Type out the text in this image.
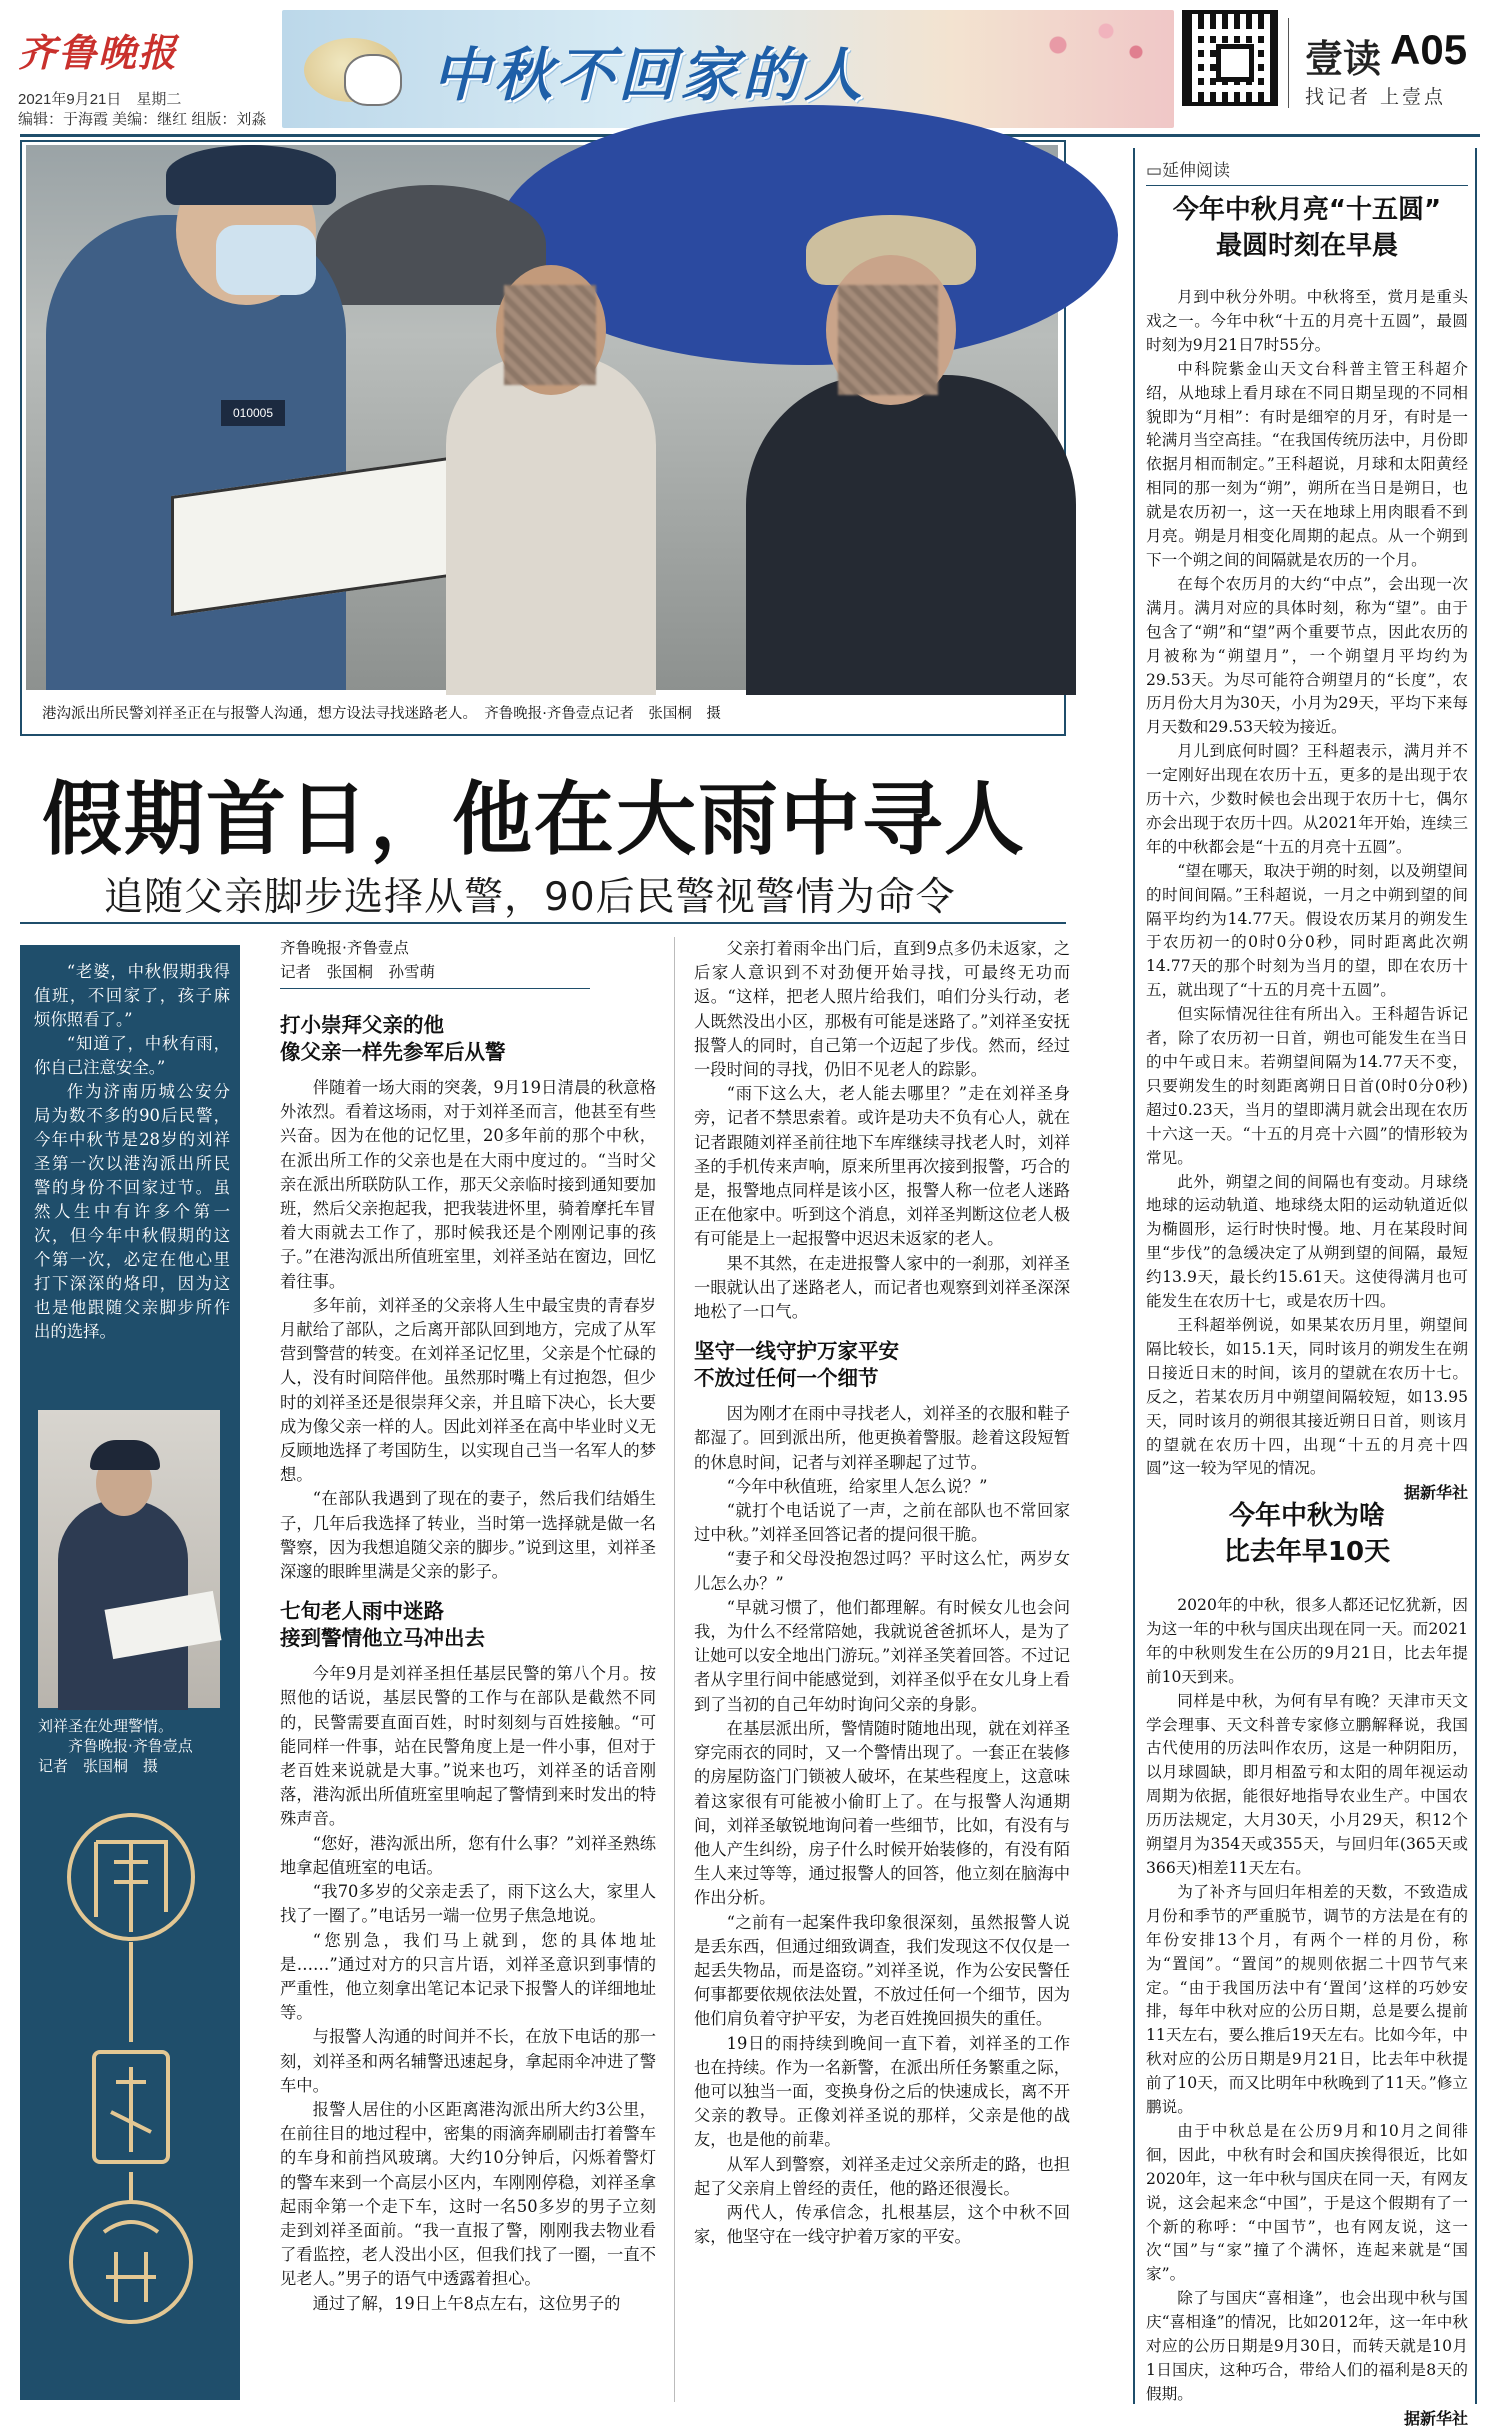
齐鲁晚报
2021年9月21日　星期二
编辑：于海霞 美编：继红 组版：刘淼
中秋不回家的人	壹读 A05
找记者 上壹点
010005
港沟派出所民警刘祥圣正在与报警人沟通，想方设法寻找迷路老人。　齐鲁晚报·齐鲁壹点记者　张国桐　摄
假期首日，他在大雨中寻人
追随父亲脚步选择从警，90后民警视警情为命令

“老婆，中秋假期我得值班，不回家了，孩子麻烦你照看了。”

“知道了，中秋有雨，你自己注意安全。”

作为济南历城公安分局为数不多的90后民警，今年中秋节是28岁的刘祥圣第一次以港沟派出所民警的身份不回家过节。虽然人生中有许多个第一次，但今年中秋假期的这个第一次，必定在他心里打下深深的烙印，因为这也是他跟随父亲脚步所作出的选择。

刘祥圣在处理警情。
齐鲁晚报·齐鲁壹点
记者　张国桐　摄
齐鲁晚报·齐鲁壹点
记者　张国桐　孙雪萌
打小崇拜父亲的他
像父亲一样先参军后从警

伴随着一场大雨的突袭，9月19日清晨的秋意格外浓烈。看着这场雨，对于刘祥圣而言，他甚至有些兴奋。因为在他的记忆里，20多年前的那个中秋，在派出所工作的父亲也是在大雨中度过的。“当时父亲在派出所联防队工作，那天父亲临时接到通知要加班，然后父亲抱起我，把我装进怀里，骑着摩托车冒着大雨就去工作了，那时候我还是个刚刚记事的孩子。”在港沟派出所值班室里，刘祥圣站在窗边，回忆着往事。

多年前，刘祥圣的父亲将人生中最宝贵的青春岁月献给了部队，之后离开部队回到地方，完成了从军营到警营的转变。在刘祥圣记忆里，父亲是个忙碌的人，没有时间陪伴他。虽然那时嘴上有过抱怨，但少时的刘祥圣还是很崇拜父亲，并且暗下决心，长大要成为像父亲一样的人。因此刘祥圣在高中毕业时义无反顾地选择了考国防生，以实现自己当一名军人的梦想。

“在部队我遇到了现在的妻子，然后我们结婚生子，几年后我选择了转业，当时第一选择就是做一名警察，因为我想追随父亲的脚步。”说到这里，刘祥圣深邃的眼眸里满是父亲的影子。

七旬老人雨中迷路
接到警情他立马冲出去

今年9月是刘祥圣担任基层民警的第八个月。按照他的话说，基层民警的工作与在部队是截然不同的，民警需要直面百姓，时时刻刻与百姓接触。“可能同样一件事，站在民警角度上是一件小事，但对于老百姓来说就是大事。”说来也巧，刘祥圣的话音刚落，港沟派出所值班室里响起了警情到来时发出的特殊声音。

“您好，港沟派出所，您有什么事？”刘祥圣熟练地拿起值班室的电话。

“我70多岁的父亲走丢了，雨下这么大，家里人找了一圈了。”电话另一端一位男子焦急地说。

“您别急，我们马上就到，您的具体地址是……”通过对方的只言片语，刘祥圣意识到事情的严重性，他立刻拿出笔记本记录下报警人的详细地址等。

与报警人沟通的时间并不长，在放下电话的那一刻，刘祥圣和两名辅警迅速起身，拿起雨伞冲进了警车中。

报警人居住的小区距离港沟派出所大约3公里，在前往目的地过程中，密集的雨滴奔刷刷击打着警车的车身和前挡风玻璃。大约10分钟后，闪烁着警灯的警车来到一个高层小区内，车刚刚停稳，刘祥圣拿起雨伞第一个走下车，这时一名50多岁的男子立刻走到刘祥圣面前。“我一直报了警，刚刚我去物业看了看监控，老人没出小区，但我们找了一圈，一直不见老人。”男子的语气中透露着担心。

通过了解，19日上午8点左右，这位男子的

父亲打着雨伞出门后，直到9点多仍未返家，之后家人意识到不对劲便开始寻找，可最终无功而返。“这样，把老人照片给我们，咱们分头行动，老人既然没出小区，那极有可能是迷路了。”刘祥圣安抚报警人的同时，自己第一个迈起了步伐。然而，经过一段时间的寻找，仍旧不见老人的踪影。

“雨下这么大，老人能去哪里？”走在刘祥圣身旁，记者不禁思索着。或许是功夫不负有心人，就在记者跟随刘祥圣前往地下车库继续寻找老人时，刘祥圣的手机传来声响，原来所里再次接到报警，巧合的是，报警地点同样是该小区，报警人称一位老人迷路正在他家中。听到这个消息，刘祥圣判断这位老人极有可能是上一起报警中迟迟未返家的老人。

果不其然，在走进报警人家中的一刹那，刘祥圣一眼就认出了迷路老人，而记者也观察到刘祥圣深深地松了一口气。

坚守一线守护万家平安
不放过任何一个细节

因为刚才在雨中寻找老人，刘祥圣的衣服和鞋子都湿了。回到派出所，他更换着警服。趁着这段短暂的休息时间，记者与刘祥圣聊起了过节。

“今年中秋值班，给家里人怎么说？”

“就打个电话说了一声，之前在部队也不常回家过中秋。”刘祥圣回答记者的提问很干脆。

“妻子和父母没抱怨过吗？平时这么忙，两岁女儿怎么办？”

“早就习惯了，他们都理解。有时候女儿也会问我，为什么不经常陪她，我就说爸爸抓坏人，是为了让她可以安全地出门游玩。”刘祥圣笑着回答。不过记者从字里行间中能感觉到，刘祥圣似乎在女儿身上看到了当初的自己年幼时询问父亲的身影。

在基层派出所，警情随时随地出现，就在刘祥圣穿完雨衣的同时，又一个警情出现了。一套正在装修的房屋防盗门门锁被人破坏，在某些程度上，这意味着这家很有可能被小偷盯上了。在与报警人沟通期间，刘祥圣敏锐地询问着一些细节，比如，有没有与他人产生纠纷，房子什么时候开始装修的，有没有陌生人来过等等，通过报警人的回答，他立刻在脑海中作出分析。

“之前有一起案件我印象很深刻，虽然报警人说是丢东西，但通过细致调查，我们发现这不仅仅是一起丢失物品，而是盗窃。”刘祥圣说，作为公安民警任何事都要依规依法处置，不放过任何一个细节，因为他们肩负着守护平安，为老百姓挽回损失的重任。

19日的雨持续到晚间一直下着，刘祥圣的工作也在持续。作为一名新警，在派出所任务繁重之际，他可以独当一面，变换身份之后的快速成长，离不开父亲的教导。正像刘祥圣说的那样，父亲是他的战友，也是他的前辈。

从军人到警察，刘祥圣走过父亲所走的路，也担起了父亲肩上曾经的责任，他的路还很漫长。

两代人，传承信念，扎根基层，这个中秋不回家，他坚守在一线守护着万家的平安。

▭延伸阅读
今年中秋月亮“十五圆”
最圆时刻在早晨

月到中秋分外明。中秋将至，赏月是重头戏之一。今年中秋“十五的月亮十五圆”，最圆时刻为9月21日7时55分。

中科院紫金山天文台科普主管王科超介绍，从地球上看月球在不同日期呈现的不同相貌即为“月相”：有时是细窄的月牙，有时是一轮满月当空高挂。“在我国传统历法中，月份即依据月相而制定。”王科超说，月球和太阳黄经相同的那一刻为“朔”，朔所在当日是朔日，也就是农历初一，这一天在地球上用肉眼看不到月亮。朔是月相变化周期的起点。从一个朔到下一个朔之间的间隔就是农历的一个月。

在每个农历月的大约“中点”，会出现一次满月。满月对应的具体时刻，称为“望”。由于包含了“朔”和“望”两个重要节点，因此农历的月被称为“朔望月”，一个朔望月平均约为29.53天。为尽可能符合朔望月的“长度”，农历月份大月为30天，小月为29天，平均下来每月天数和29.53天较为接近。

月儿到底何时圆？王科超表示，满月并不一定刚好出现在农历十五，更多的是出现于农历十六，少数时候也会出现于农历十七，偶尔亦会出现于农历十四。从2021年开始，连续三年的中秋都会是“十五的月亮十五圆”。

“望在哪天，取决于朔的时刻，以及朔望间的时间间隔。”王科超说，一月之中朔到望的间隔平均约为14.77天。假设农历某月的朔发生于农历初一的0时0分0秒，同时距离此次朔14.77天的那个时刻为当月的望，即在农历十五，就出现了“十五的月亮十五圆”。

但实际情况往往有所出入。王科超告诉记者，除了农历初一日首，朔也可能发生在当日的中午或日末。若朔望间隔为14.77天不变，只要朔发生的时刻距离朔日日首(0时0分0秒)超过0.23天，当月的望即满月就会出现在农历十六这一天。“十五的月亮十六圆”的情形较为常见。

此外，朔望之间的间隔也有变动。月球绕地球的运动轨道、地球绕太阳的运动轨道近似为椭圆形，运行时快时慢。地、月在某段时间里“步伐”的急缓决定了从朔到望的间隔，最短约13.9天，最长约15.61天。这使得满月也可能发生在农历十七，或是农历十四。

王科超举例说，如果某农历月里，朔望间隔比较长，如15.1天，同时该月的朔发生在朔日接近日末的时间，该月的望就在农历十七。反之，若某农历月中朔望间隔较短，如13.95天，同时该月的朔很其接近朔日日首，则该月的望就在农历十四，出现“十五的月亮十四圆”这一较为罕见的情况。

据新华社
今年中秋为啥
比去年早10天

2020年的中秋，很多人都还记忆犹新，因为这一年的中秋与国庆出现在同一天。而2021年的中秋则发生在公历的9月21日，比去年提前10天到来。

同样是中秋，为何有早有晚？天津市天文学会理事、天文科普专家修立鹏解释说，我国古代使用的历法叫作农历，这是一种阴阳历，以月球圆缺，即月相盈亏和太阳的周年视运动周期为依据，能很好地指导农业生产。中国农历历法规定，大月30天，小月29天，积12个朔望月为354天或355天，与回归年(365天或366天)相差11天左右。

为了补齐与回归年相差的天数，不致造成月份和季节的严重脱节，调节的方法是在有的年份安排13个月，有两个一样的月份，称为“置闰”。“置闰”的规则依据二十四节气来定。“由于我国历法中有‘置闰’这样的巧妙安排，每年中秋对应的公历日期，总是要么提前11天左右，要么推后19天左右。比如今年，中秋对应的公历日期是9月21日，比去年中秋提前了10天，而又比明年中秋晚到了11天。”修立鹏说。

由于中秋总是在公历9月和10月之间徘徊，因此，中秋有时会和国庆挨得很近，比如2020年，这一年中秋与国庆在同一天，有网友说，这会起来念“中国”，于是这个假期有了一个新的称呼：“中国节”，也有网友说，这一次“国”与“家”撞了个满怀，连起来就是“国家”。

除了与国庆“喜相逢”，也会出现中秋与国庆“喜相逢”的情况，比如2012年，这一年中秋对应的公历日期是9月30日，而转天就是10月1日国庆，这种巧合，带给人们的福利是8天的假期。

据新华社
